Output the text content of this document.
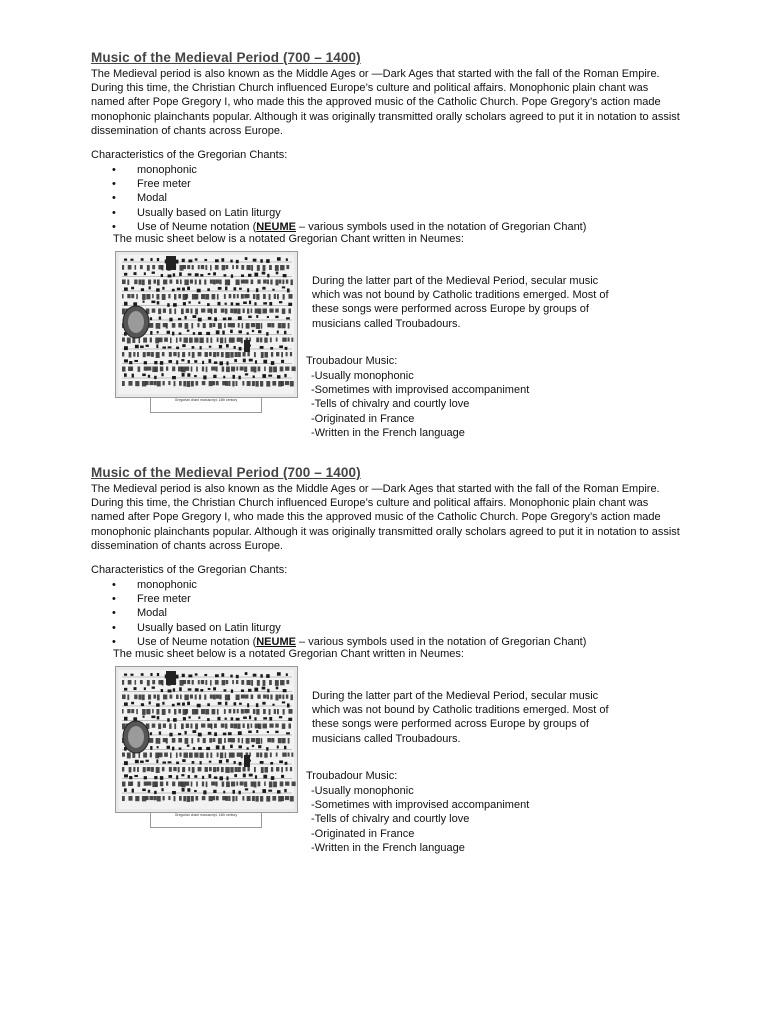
Music of the Medieval Period (700 – 1400)

The Medieval period is also known as the Middle Ages or —Dark Ages that started with the fall of the Roman Empire. During this time, the Christian Church influenced Europe’s culture and political affairs. Monophonic plain chant was named after Pope Gregory I, who made this the approved music of the Catholic Church. Pope Gregory’s action made monophonic plainchants popular. Although it was originally transmitted orally scholars agreed to put it in notation to assist dissemination of chants across Europe.

Characteristics of the Gregorian Chants:
• monophonic
• Free meter
• Modal
• Usually based on Latin liturgy
• Use of Neume notation (NEUME – various symbols used in the notation of Gregorian Chant)
The music sheet below is a notated Gregorian Chant written in Neumes:
Gregorian chant manuscript, 14th century

During the latter part of the Medieval Period, secular music which was not bound by Catholic traditions emerged. Most of these songs were performed across Europe by groups of musicians called Troubadours.

Troubadour Music:
-Usually monophonic
-Sometimes with improvised accompaniment
-Tells of chivalry and courtly love
-Originated in France
-Written in the French language
Music of the Medieval Period (700 – 1400)

The Medieval period is also known as the Middle Ages or —Dark Ages that started with the fall of the Roman Empire. During this time, the Christian Church influenced Europe’s culture and political affairs. Monophonic plain chant was named after Pope Gregory I, who made this the approved music of the Catholic Church. Pope Gregory’s action made monophonic plainchants popular. Although it was originally transmitted orally scholars agreed to put it in notation to assist dissemination of chants across Europe.

Characteristics of the Gregorian Chants:
• monophonic
• Free meter
• Modal
• Usually based on Latin liturgy
• Use of Neume notation (NEUME – various symbols used in the notation of Gregorian Chant)
The music sheet below is a notated Gregorian Chant written in Neumes:
Gregorian chant manuscript, 14th century

During the latter part of the Medieval Period, secular music which was not bound by Catholic traditions emerged. Most of these songs were performed across Europe by groups of musicians called Troubadours.

Troubadour Music:
-Usually monophonic
-Sometimes with improvised accompaniment
-Tells of chivalry and courtly love
-Originated in France
-Written in the French language
